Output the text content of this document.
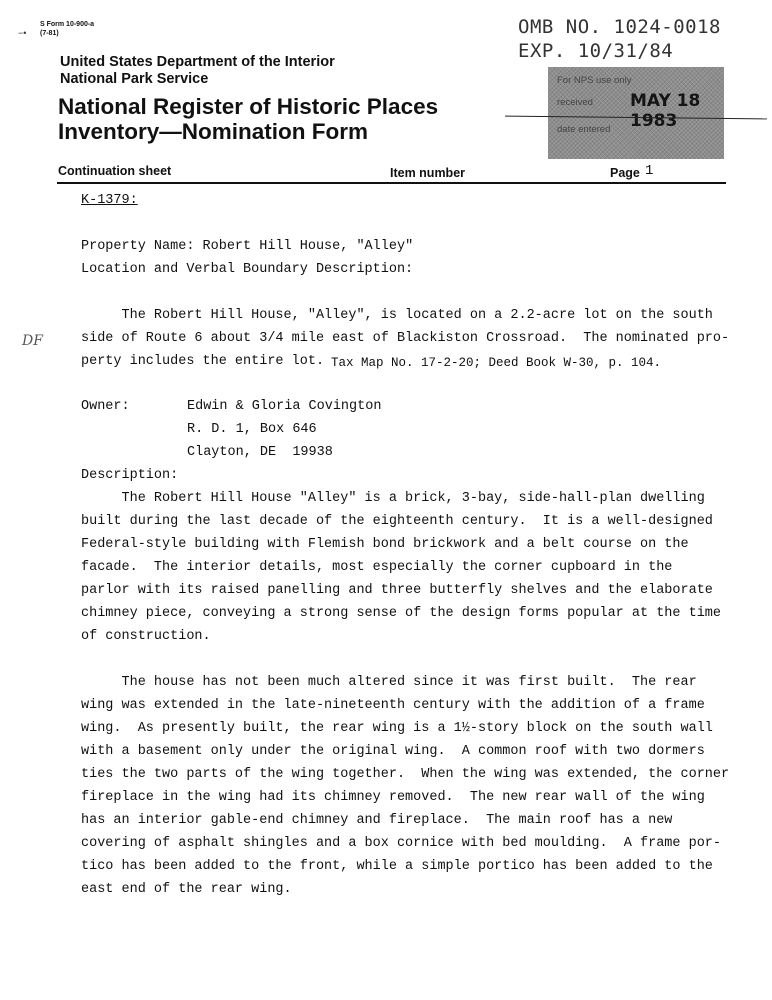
−•
S Form 10-900-a
(7-81)	OMB NO. 1024-0018
EXP. 10/31/84
United States Department of the Interior
National Park Service
National Register of Historic Places
Inventory—Nomination Form
For NPS use only
received
date entered
MAY 18 1983
Continuation sheet	Item number	Page 1
DF
K-1379:
Property Name: Robert Hill House, "Alley"
Location and Verbal Boundary Description:
The Robert Hill House, "Alley", is located on a 2.2-acre lot on the south
side of Route 6 about 3/4 mile east of Blackiston Crossroad.  The nominated pro-
perty includes the entire lot. Tax Map No. 17-2-20; Deed Book W-30, p. 104.
Owner:	Edwin & Gloria Covington
R. D. 1, Box 646
Clayton, DE  19938
Description:
The Robert Hill House "Alley" is a brick, 3-bay, side-hall-plan dwelling
built during the last decade of the eighteenth century.  It is a well-designed
Federal-style building with Flemish bond brickwork and a belt course on the
facade.  The interior details, most especially the corner cupboard in the
parlor with its raised panelling and three butterfly shelves and the elaborate
chimney piece, conveying a strong sense of the design forms popular at the time
of construction.
The house has not been much altered since it was first built.  The rear
wing was extended in the late-nineteenth century with the addition of a frame
wing.  As presently built, the rear wing is a 1½-story block on the south wall
with a basement only under the original wing.  A common roof with two dormers
ties the two parts of the wing together.  When the wing was extended, the corner
fireplace in the wing had its chimney removed.  The new rear wall of the wing
has an interior gable-end chimney and fireplace.  The main roof has a new
covering of asphalt shingles and a box cornice with bed moulding.  A frame por-
tico has been added to the front, while a simple portico has been added to the
east end of the rear wing.
